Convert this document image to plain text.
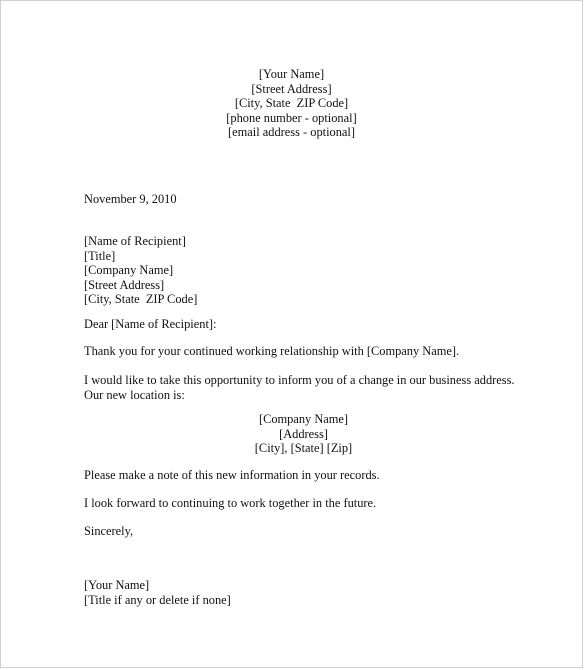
[Your Name]
[Street Address]
[City, State  ZIP Code]
[phone number - optional]
[email address - optional]
November 9, 2010
[Name of Recipient]
[Title]
[Company Name]
[Street Address]
[City, State  ZIP Code]
Dear [Name of Recipient]:
Thank you for your continued working relationship with [Company Name].
I would like to take this opportunity to inform you of a change in our business address.
Our new location is:
[Company Name]
[Address]
[City], [State] [Zip]
Please make a note of this new information in your records.
I look forward to continuing to work together in the future.
Sincerely,
[Your Name]
[Title if any or delete if none]
